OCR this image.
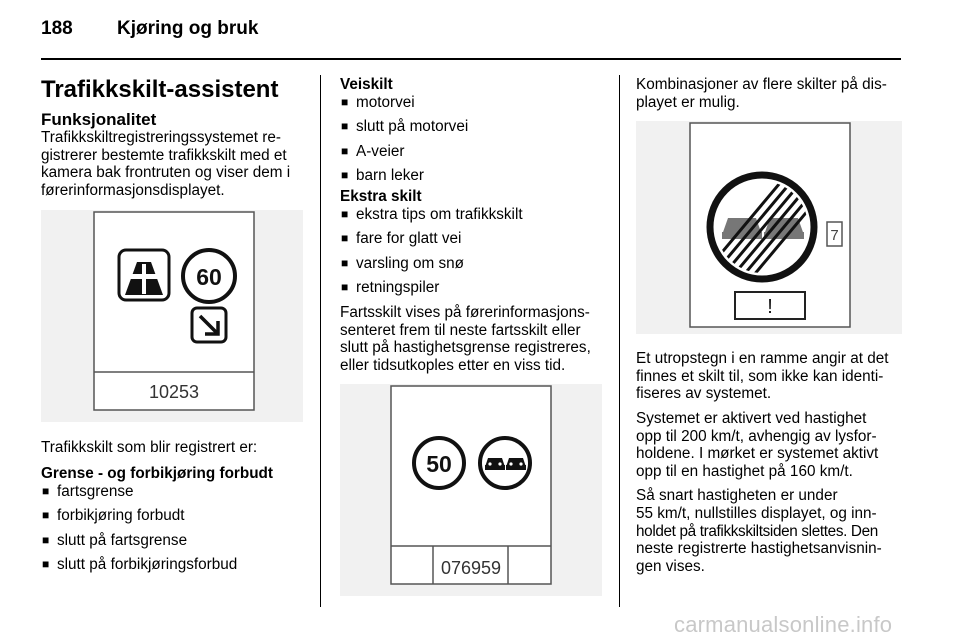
188 Kjøring og bruk
Trafikkskilt-assistent
Funksjonalitet

Trafikkskiltregistreringssystemet re-
gistrerer bestemte trafikkskilt med et
kamera bak frontruten og viser dem i
førerinformasjonsdisplayet.

60
10253

Trafikkskilt som blir registrert er:

Grense - og forbikjøring forbudt
■ fartsgrense
■ forbikjøring forbudt
■ slutt på fartsgrense
■ slutt på forbikjøringsforbud
Veiskilt
■ motorvei
■ slutt på motorvei
■ A-veier
■ barn leker
Ekstra skilt
■ ekstra tips om trafikkskilt
■ fare for glatt vei
■ varsling om snø
■ retningspiler

Fartsskilt vises på førerinformasjons-
senteret frem til neste fartsskilt eller
slutt på hastighetsgrense registreres,
eller tidsutkoples etter en viss tid.

50
076959

Kombinasjoner av flere skilter på dis-
playet er mulig.

7
!

Et utropstegn i en ramme angir at det
finnes et skilt til, som ikke kan identi-
fiseres av systemet.

Systemet er aktivert ved hastighet
opp til 200 km/t, avhengig av lysfor-
holdene. I mørket er systemet aktivt
opp til en hastighet på 160 km/t.

Så snart hastigheten er under
55 km/t, nullstilles displayet, og inn-
holdet på trafikkskiltsiden slettes. Den
neste registrerte hastighetsanvisnin-
gen vises.

carmanualsonline.info
